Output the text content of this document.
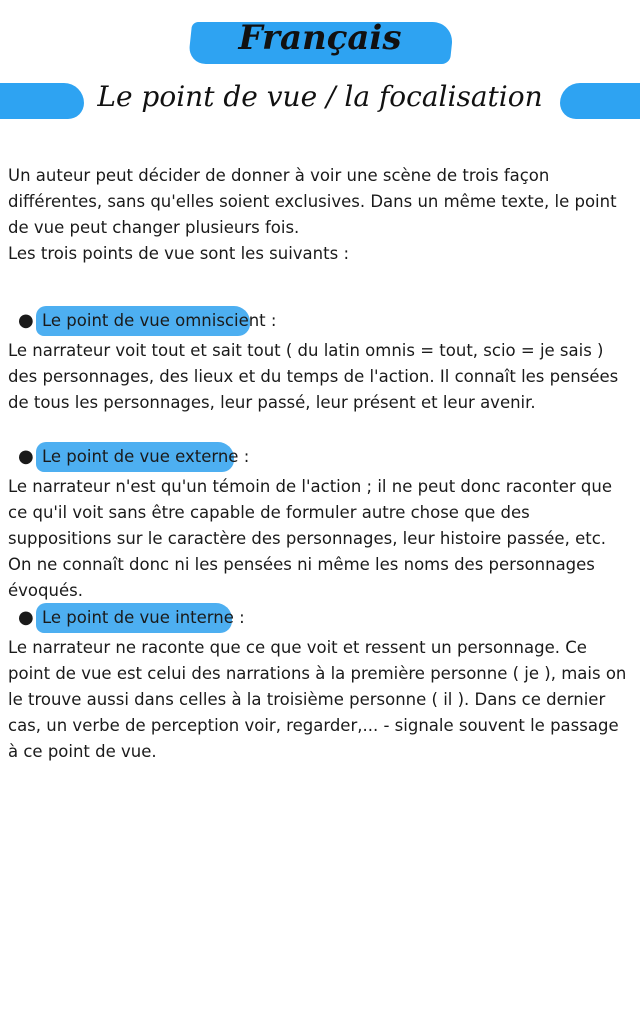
Français
Le point de vue / la focalisation

Un auteur peut décider de donner à voir une scène de trois façon différentes, sans qu'elles soient exclusives. Dans un même texte, le point de vue peut changer plusieurs fois.

Les trois points de vue sont les suivants :

● Le point de vue omniscient :

Le narrateur voit tout et sait tout ( du latin omnis = tout, scio = je sais ) des personnages, des lieux et du temps de l'action. Il connaît les pensées de tous les personnages, leur passé, leur présent et leur avenir.

● Le point de vue externe :

Le narrateur n'est qu'un témoin de l'action ; il ne peut donc raconter que ce qu'il voit sans être capable de formuler autre chose que des suppositions sur le caractère des personnages, leur histoire passée, etc. On ne connaît donc ni les pensées ni même les noms des personnages évoqués.

● Le point de vue interne :

Le narrateur ne raconte que ce que voit et ressent un personnage. Ce point de vue est celui des narrations à la première personne ( je ), mais on le trouve aussi dans celles à la troisième personne ( il ). Dans ce dernier cas, un verbe de perception voir, regarder,... - signale souvent le passage à ce point de vue.
